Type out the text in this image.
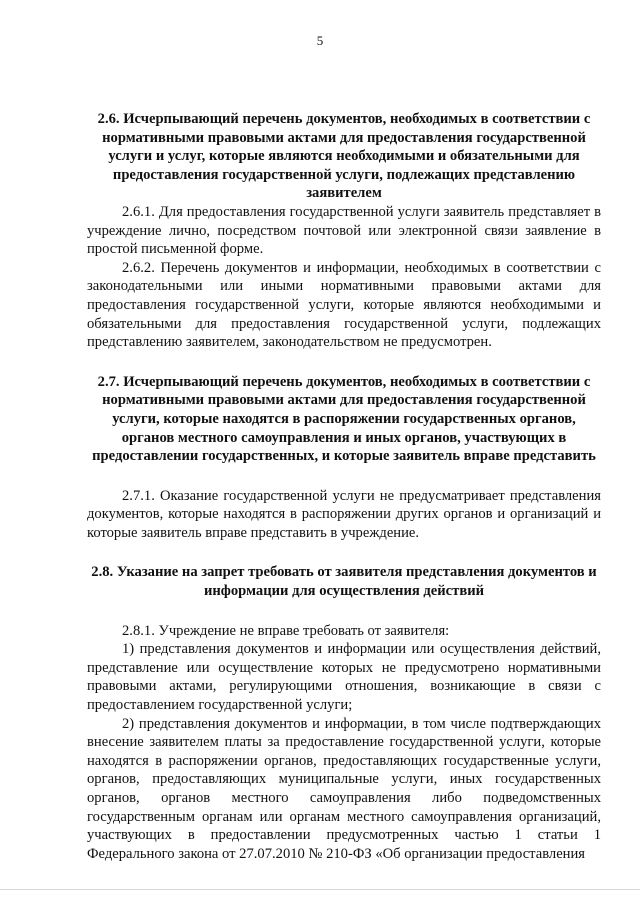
5

2.6. Исчерпывающий перечень документов, необходимых в соответствии с нормативными правовыми актами для предоставления государственной услуги и услуг, которые являются необходимыми и обязательными для предоставления государственной услуги, подлежащих представлению заявителем

2.6.1. Для предоставления государственной услуги заявитель представляет в учреждение лично, посредством почтовой или электронной связи заявление в простой письменной форме.

2.6.2. Перечень документов и информации, необходимых в соответствии с законодательными или иными нормативными правовыми актами для предоставления государственной услуги, которые являются необходимыми и обязательными для предоставления государственной услуги, подлежащих представлению заявителем, законодательством не предусмотрен.

2.7. Исчерпывающий перечень документов, необходимых в соответствии с нормативными правовыми актами для предоставления государственной услуги, которые находятся в распоряжении государственных органов, органов местного самоуправления и иных органов, участвующих в предоставлении государственных, и которые заявитель вправе представить

2.7.1. Оказание государственной услуги не предусматривает представления документов, которые находятся в распоряжении других органов и организаций и которые заявитель вправе представить в учреждение.

2.8. Указание на запрет требовать от заявителя представления документов и информации для осуществления действий

2.8.1. Учреждение не вправе требовать от заявителя:

1) представления документов и информации или осуществления действий, представление или осуществление которых не предусмотрено нормативными правовыми актами, регулирующими отношения, возникающие в связи с предоставлением государственной услуги;

2) представления документов и информации, в том числе подтверждающих внесение заявителем платы за предоставление государственной услуги, которые находятся в распоряжении органов, предоставляющих государственные услуги, органов, предоставляющих муниципальные услуги, иных государственных органов, органов местного самоуправления либо подведомственных государственным органам или органам местного самоуправления организаций, участвующих в предоставлении предусмотренных частью 1 статьи 1 Федерального закона от 27.07.2010 № 210-ФЗ «Об организации предоставления
